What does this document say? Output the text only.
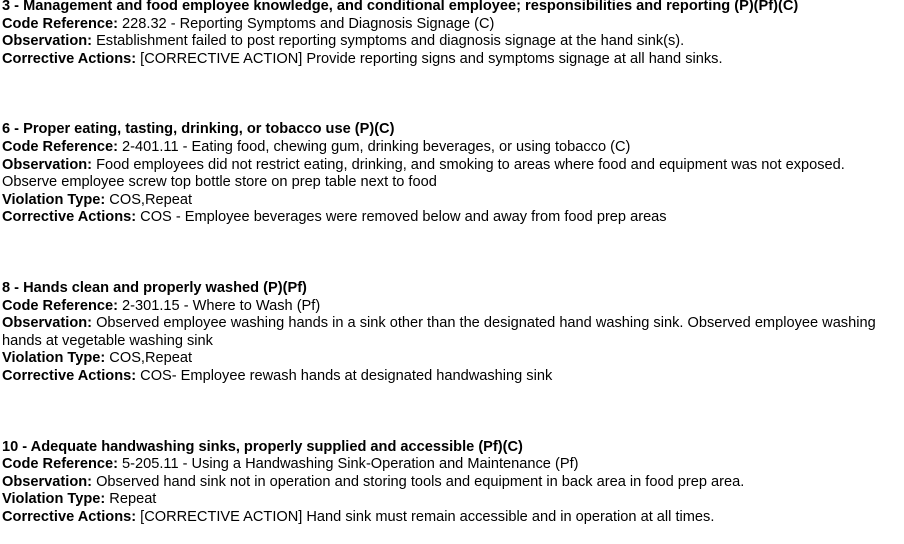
3 - Management and food employee knowledge, and conditional employee; responsibilities and reporting (P)(Pf)(C)

Code Reference: 228.32 - Reporting Symptoms and Diagnosis Signage (C)

Observation: Establishment failed to post reporting symptoms and diagnosis signage at the hand sink(s).

Corrective Actions: [CORRECTIVE ACTION] Provide reporting signs and symptoms signage at all hand sinks.

6 - Proper eating, tasting, drinking, or tobacco use (P)(C)

Code Reference: 2-401.11 - Eating food, chewing gum, drinking beverages, or using tobacco (C)

Observation: Food employees did not restrict eating, drinking, and smoking to areas where food and equipment was not exposed. Observe employee screw top bottle store on prep table next to food

Violation Type: COS,Repeat

Corrective Actions: COS - Employee beverages were removed below and away from food prep areas

8 - Hands clean and properly washed (P)(Pf)

Code Reference: 2-301.15 - Where to Wash (Pf)

Observation: Observed employee washing hands in a sink other than the designated hand washing sink. Observed employee washing hands at vegetable washing sink

Violation Type: COS,Repeat

Corrective Actions: COS- Employee rewash hands at designated handwashing sink

10 - Adequate handwashing sinks, properly supplied and accessible (Pf)(C)

Code Reference: 5-205.11 - Using a Handwashing Sink-Operation and Maintenance (Pf)

Observation: Observed hand sink not in operation and storing tools and equipment in back area in food prep area.

Violation Type: Repeat

Corrective Actions: [CORRECTIVE ACTION] Hand sink must remain accessible and in operation at all times.
